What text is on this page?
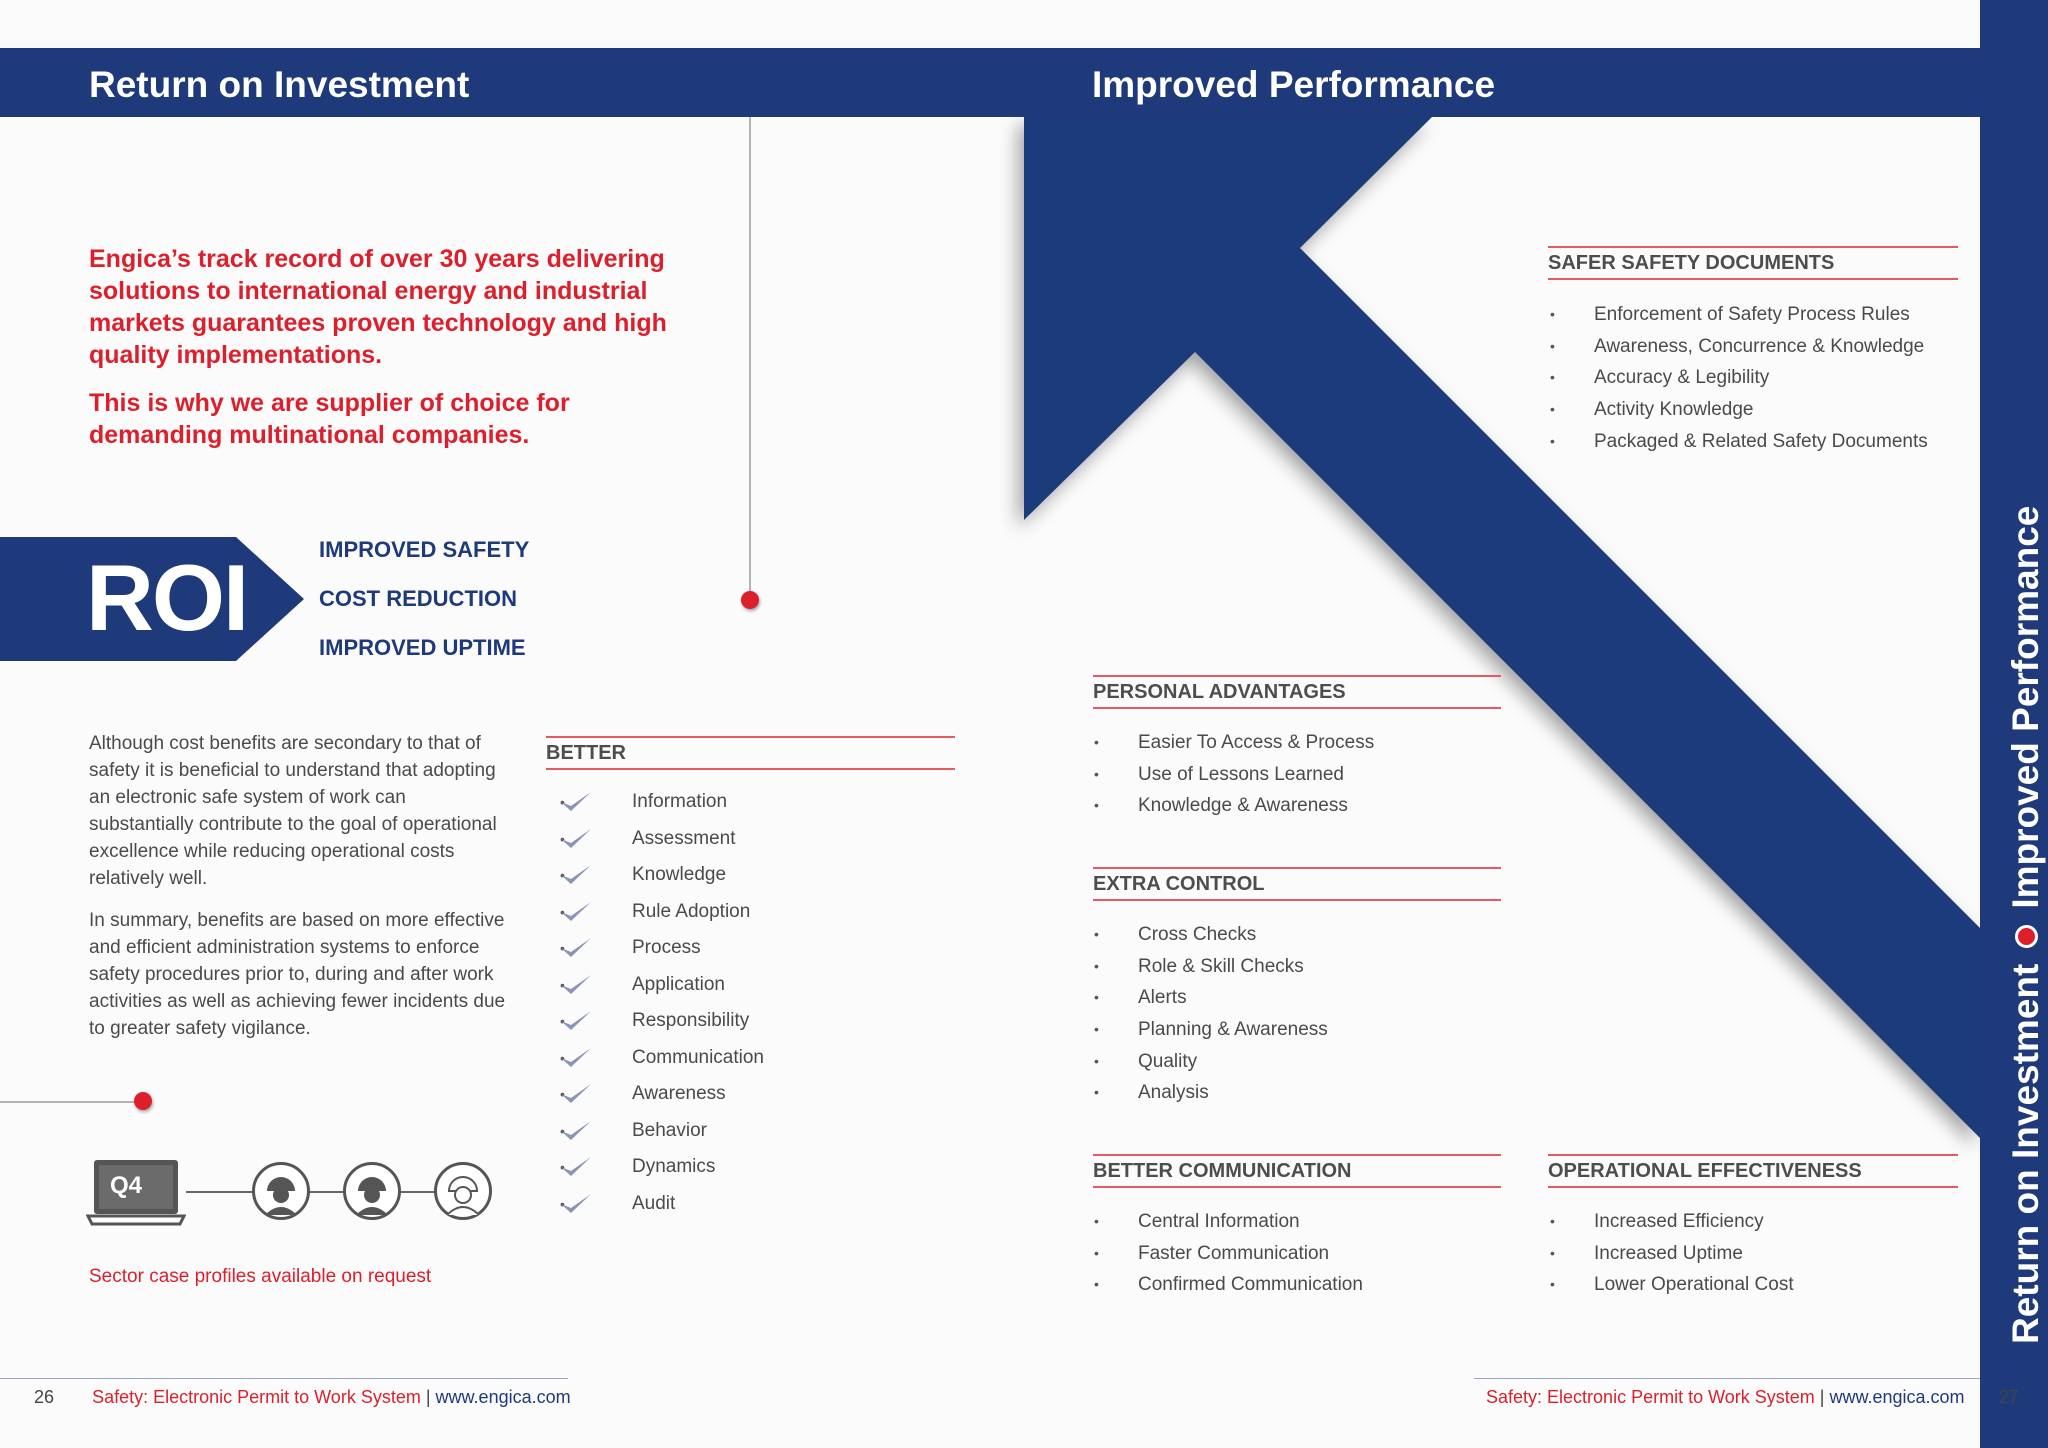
Return on Investment	Improved Performance
Return on Investment
Improved Performance
Engica’s track record of over 30 years delivering solutions to international energy and industrial markets guarantees proven technology and high quality implementations.
This is why we are supplier of choice for demanding multinational companies.
ROI	IMPROVED SAFETY
COST REDUCTION
IMPROVED UPTIME
Although cost benefits are secondary to that of safety it is beneficial to understand that adopting an electronic safe system of work can substantially contribute to the goal of operational excellence while reducing operational costs relatively well.
In summary, benefits are based on more effective and efficient administration systems to enforce safety procedures prior to, during and after work activities as well as achieving fewer incidents due to greater safety vigilance.
BETTER
• Information
• Assessment
• Knowledge
• Rule Adoption
• Process
• Application
• Responsibility
• Communication
• Awareness
• Behavior
• Dynamics
• Audit
Q4
Sector case profiles available on request
26 Safety: Electronic Permit to Work System | www.engica.com
SAFER SAFETY DOCUMENTS
• Enforcement of Safety Process Rules
• Awareness, Concurrence & Knowledge
• Accuracy & Legibility
• Activity Knowledge
• Packaged & Related Safety Documents
PERSONAL ADVANTAGES
• Easier To Access & Process
• Use of Lessons Learned
• Knowledge & Awareness
EXTRA CONTROL
• Cross Checks
• Role & Skill Checks
• Alerts
• Planning & Awareness
• Quality
• Analysis
BETTER COMMUNICATION
• Central Information
• Faster Communication
• Confirmed Communication
OPERATIONAL EFFECTIVENESS
• Increased Efficiency
• Increased Uptime
• Lower Operational Cost
Safety: Electronic Permit to Work System | www.engica.com 27
